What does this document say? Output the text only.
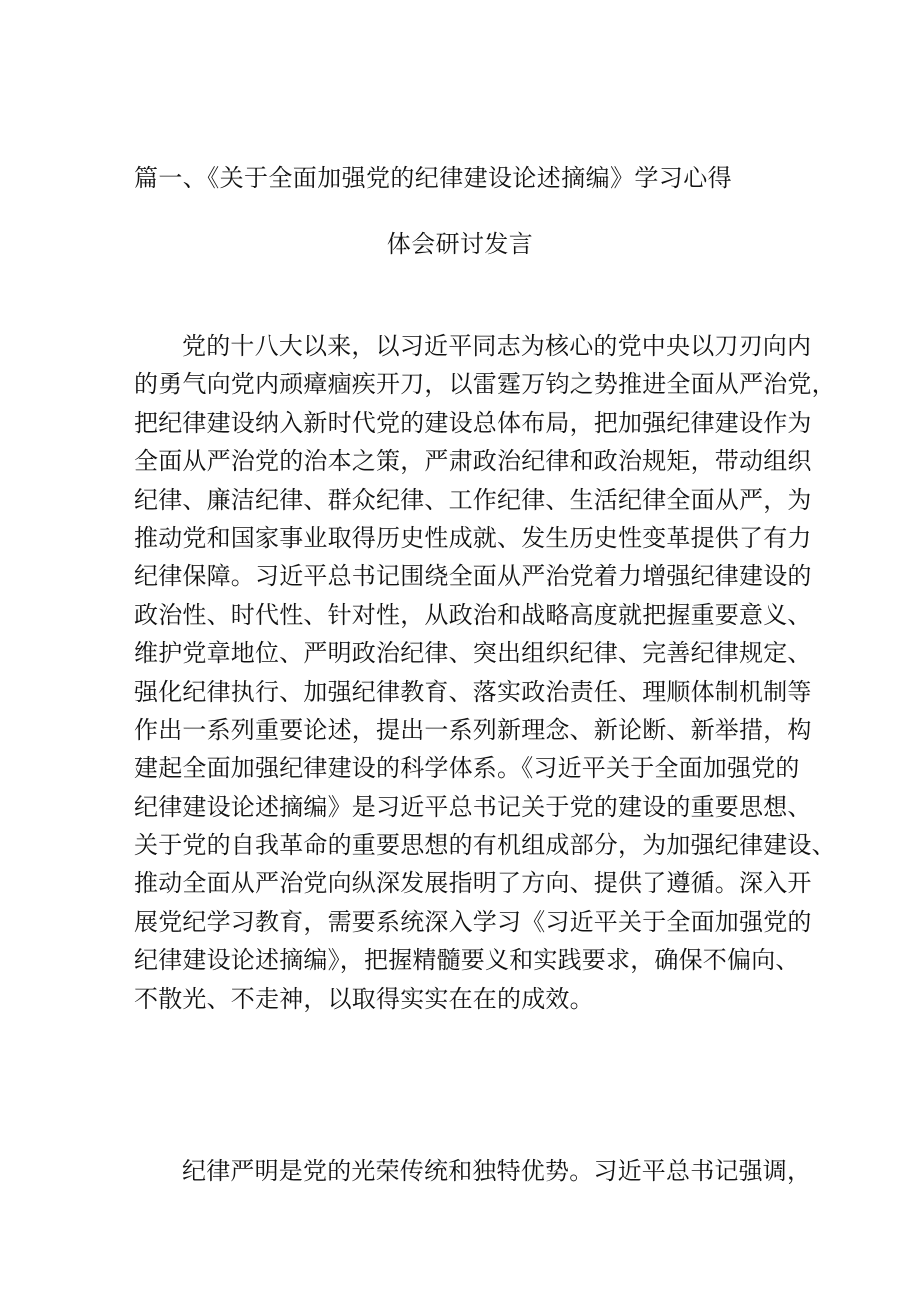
篇一、《关于全面加强党的纪律建设论述摘编》学习心得
体会研讨发言
党的十八大以来，以习近平同志为核心的党中央以刀刃向内
的勇气向党内顽瘴痼疾开刀，以雷霆万钧之势推进全面从严治党，
把纪律建设纳入新时代党的建设总体布局，把加强纪律建设作为
全面从严治党的治本之策，严肃政治纪律和政治规矩，带动组织
纪律、廉洁纪律、群众纪律、工作纪律、生活纪律全面从严，为
推动党和国家事业取得历史性成就、发生历史性变革提供了有力
纪律保障。习近平总书记围绕全面从严治党着力增强纪律建设的
政治性、时代性、针对性，从政治和战略高度就把握重要意义、
维护党章地位、严明政治纪律、突出组织纪律、完善纪律规定、
强化纪律执行、加强纪律教育、落实政治责任、理顺体制机制等
作出一系列重要论述，提出一系列新理念、新论断、新举措，构
建起全面加强纪律建设的科学体系。《习近平关于全面加强党的
纪律建设论述摘编》是习近平总书记关于党的建设的重要思想、
关于党的自我革命的重要思想的有机组成部分，为加强纪律建设、
推动全面从严治党向纵深发展指明了方向、提供了遵循。深入开
展党纪学习教育，需要系统深入学习《习近平关于全面加强党的
纪律建设论述摘编》，把握精髓要义和实践要求，确保不偏向、
不散光、不走神，以取得实实在在的成效。
纪律严明是党的光荣传统和独特优势。习近平总书记强调，
